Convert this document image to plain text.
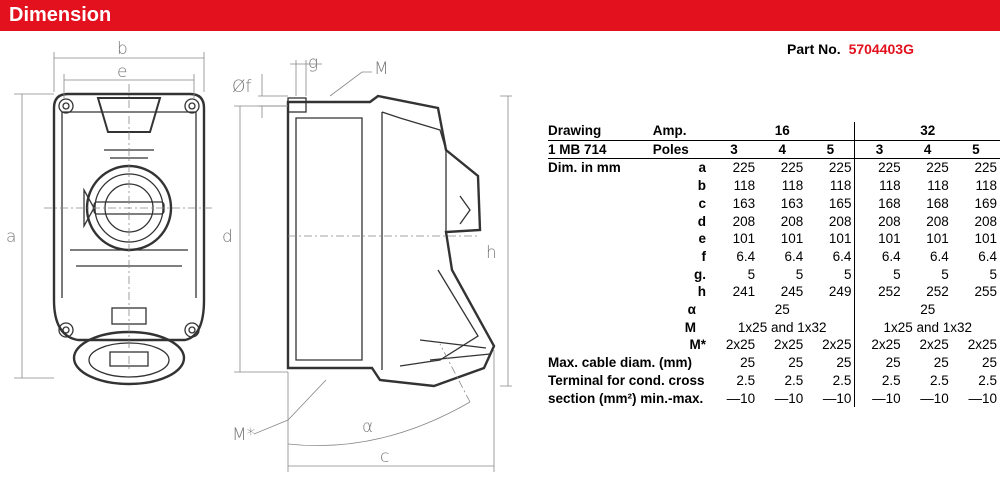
Dimension
Part No. 5704403G
b
e
a	d
h
c
Øf
g	M
M*	α
Drawing	Amp.	16			32		
1 MB 714	Poles	3	4	5	3	4	5
Dim. in mm	a	225	225	225	225	225	225
	b	118	118	118	118	118	118
	c	163	163	165	168	168	169
	d	208	208	208	208	208	208
	e	101	101	101	101	101	101
	f	6.4	6.4	6.4	6.4	6.4	6.4
	g.	5	5	5	5	5	5
	h	241	245	249	252	252	255
	α	25			25		
	M	1x25 and 1x32			1x25 and 1x32		
	M*	2x25	2x25	2x25	2x25	2x25	2x25
Max. cable diam. (mm)		25	25	25	25	25	25
Terminal for cond. cross		2.5	2.5	2.5	2.5	2.5	2.5
section (mm²) min.-max.		—10	—10	—10	—10	—10	—10
